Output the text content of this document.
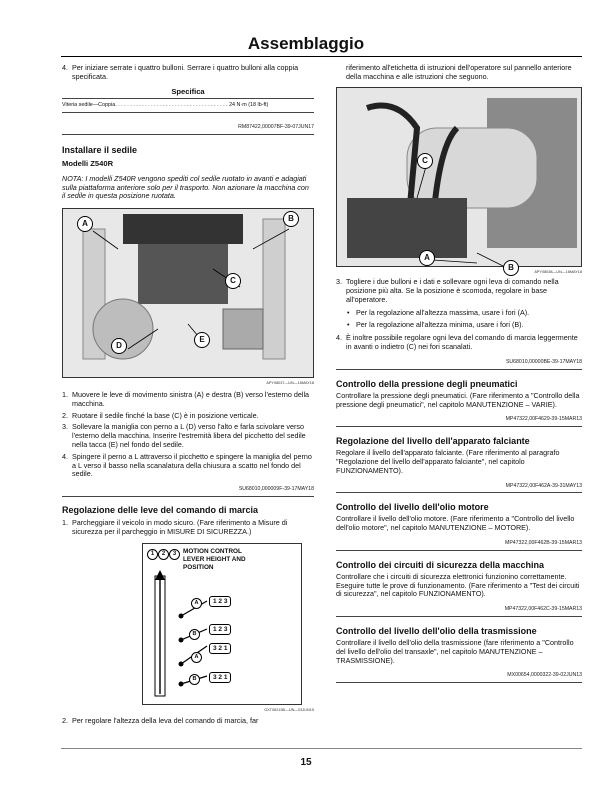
Assemblaggio
4. Per iniziare serrate i quattro bulloni. Serrare i quattro bulloni alla coppia specificata.
Specifica
Viteria sedile—Coppia. . . . . . . . . . . . . . . . . . . . . . . . . . . . . . . . . . . . . . 24 N·m (18 lb-ft)
RM87422,00007BF-39-07JUN17
Installare il sedile
Modelli Z540R
NOTA: I modelli Z540R vengono spediti col sedile ruotato in avanti e adagiati sulla piattaforma anteriore solo per il trasporto. Non azionare la macchina con il sedile in questa posizione ruotata.
A
B
C
D
E
APY08037—UN—16MAY18
1. Muovere le leve di movimento sinistra (A) e destra (B) verso l'esterno della macchina.
2. Ruotare il sedile finché la base (C) è in posizione verticale.
3. Sollevare la maniglia con perno a L (D) verso l'alto e farla scivolare verso l'esterno della macchina. Inserire l'estremità libera del picchetto del sedile nella tacca (E) nel fondo del sedile.
4. Spingere il perno a L attraverso il picchetto e spingere la maniglia del perno a L verso il basso nella scanalatura della chiusura a scatto nel fondo del sedile.
SU68010,000009F-39-17MAY18
Regolazione delle leve del comando di marcia
1. Parcheggiare il veicolo in modo sicuro. (Fare riferimento a Misure di sicurezza per il parcheggio in MISURE DI SICUREZZA.)
1	2	3	MOTION CONTROL LEVER HEIGHT AND POSITION
A
B
A
B
1 2 3
1 2 3
3 2 1
3 2 1
GXT06215B—UN—03JUN15
2. Per regolare l'altezza della leva del comando di marcia, far
riferimento all'etichetta di istruzioni dell'operatore sul pannello anteriore della macchina e alle istruzioni che seguono.
C
A
B	APY08038—UN—16MAY18
3. Togliere i due bulloni e i dati e sollevare ogni leva di comando nella posizione più alta. Se la posizione è scomoda, regolare in base all'operatore.
• Per la regolazione all'altezza massima, usare i fori (A).
• Per la regolazione all'altezza minima, usare i fori (B).
4. È inoltre possibile regolare ogni leva del comando di marcia leggermente in avanti o indietro (C) nei fori scanalati.
SU68010,00000BE-39-17MAY18
Controllo della pressione degli pneumatici
Controllare la pressione degli pneumatici. (Fare riferimento a "Controllo della pressione degli pneumatici", nel capitolo MANUTENZIONE – VARIE).
MP47322,00F4629-39-15MAR13
Regolazione del livello dell'apparato falciante
Regolare il livello dell'apparato falciante. (Fare riferimento al paragrafo "Regolazione del livello dell'apparato falciante", nel capitolo FUNZIONAMENTO).
MP47322,00F462A-39-31MAY13
Controllo del livello dell'olio motore
Controllare il livello dell'olio motore. (Fare riferimento a "Controllo del livello dell'olio motore", nel capitolo MANUTENZIONE – MOTORE).
MP47322,00F462B-39-15MAR13
Controllo dei circuiti di sicurezza della macchina
Controllare che i circuiti di sicurezza elettronici funzionino correttamente. Eseguire tutte le prove di funzionamento. (Fare riferimento a "Test dei circuiti di sicurezza", nel capitolo FUNZIONAMENTO).
MP47322,00F462C-39-15MAR13
Controllo del livello dell'olio della trasmissione
Controllare il livello dell'olio della trasmissione (fare riferimento a "Controllo del livello dell'olio del transaxle", nel capitolo MANUTENZIONE – TRASMISSIONE).
MX00654,0000322-39-02JUN13
15
